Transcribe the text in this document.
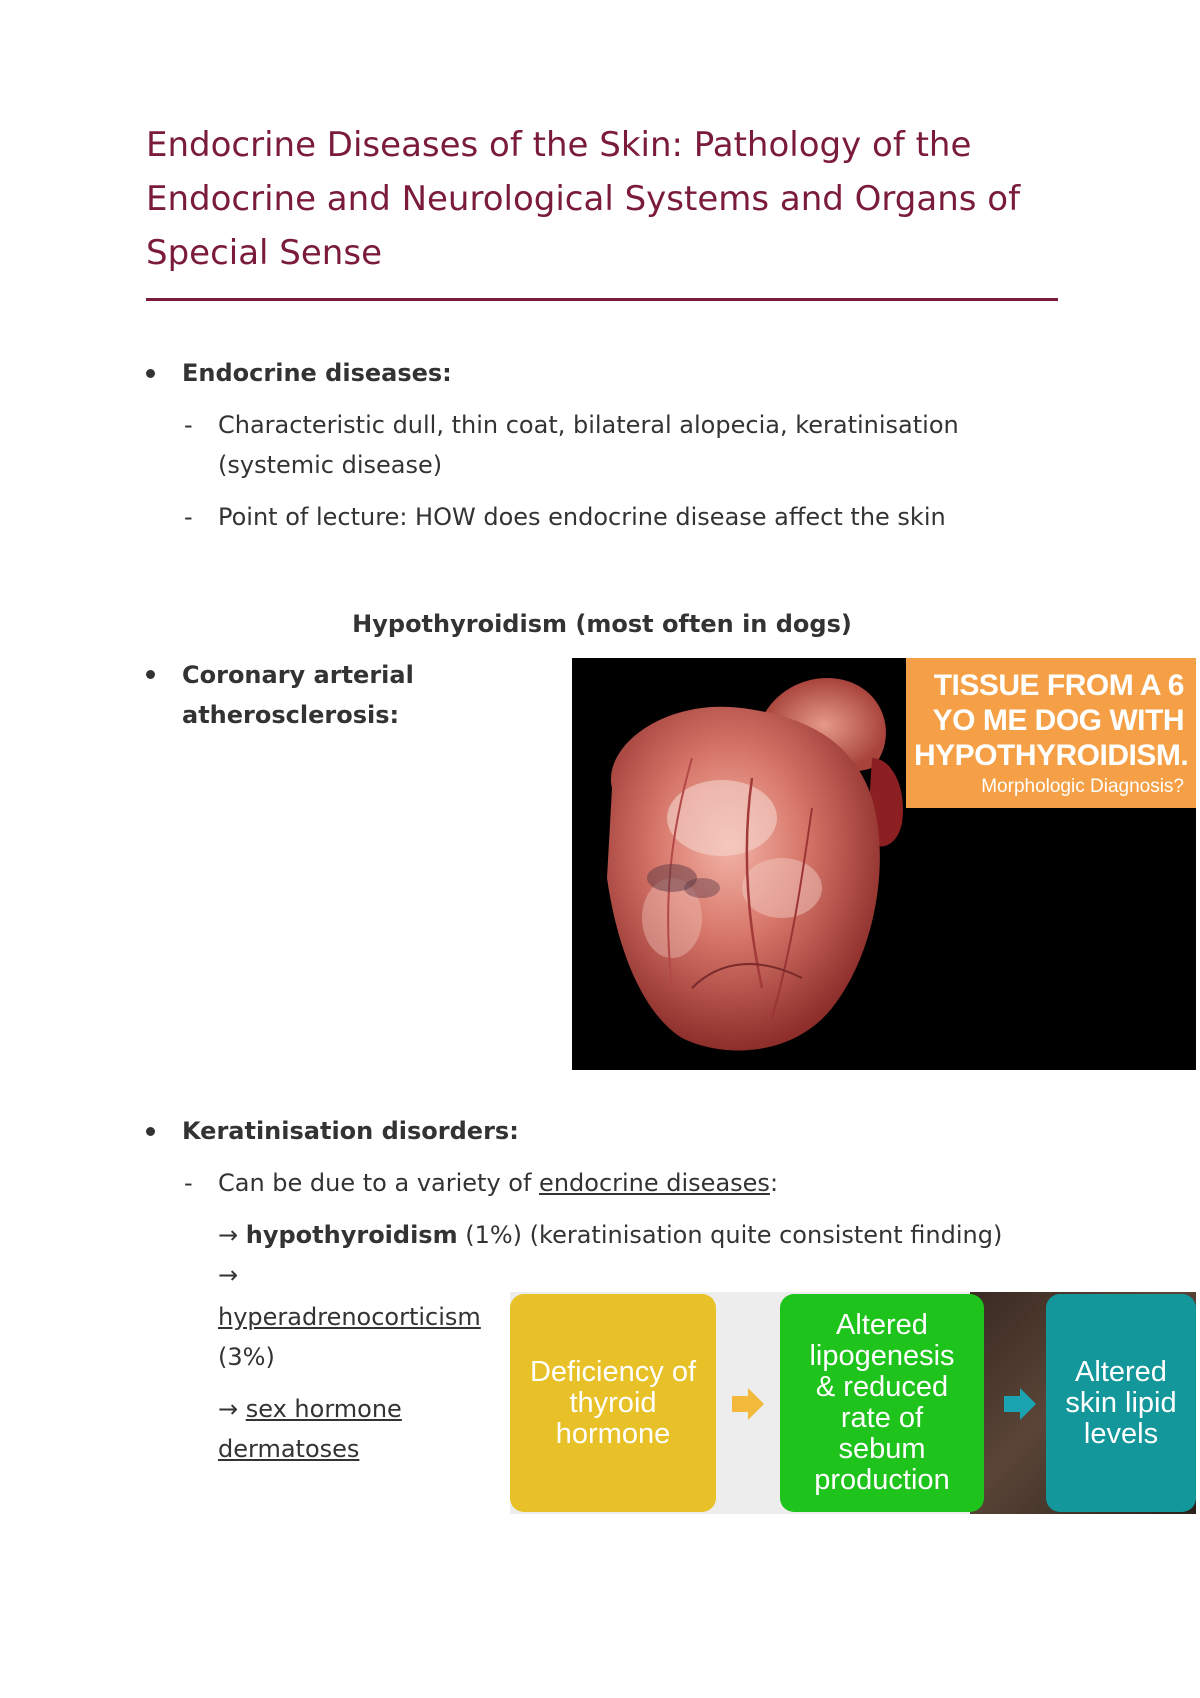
Endocrine Diseases of the Skin: Pathology of the
Endocrine and Neurological Systems and Organs of
Special Sense
Endocrine diseases:
- Characteristic dull, thin coat, bilateral alopecia, keratinisation
(systemic disease)
- Point of lecture: HOW does endocrine disease affect the skin
Hypothyroidism (most often in dogs)
Coronary arterial
atherosclerosis:
TISSUE FROM A 6
YO ME DOG WITH
HYPOTHYROIDISM.
Morphologic Diagnosis?
Keratinisation disorders:
- Can be due to a variety of endocrine diseases:
→ hypothyroidism (1%) (keratinisation quite consistent finding)
→
hyperadrenocorticism
(3%)
→ sex hormone
dermatoses
Deficiency of
thyroid
hormone
Altered
lipogenesis
& reduced
rate of
sebum
production
Altered
skin lipid
levels
